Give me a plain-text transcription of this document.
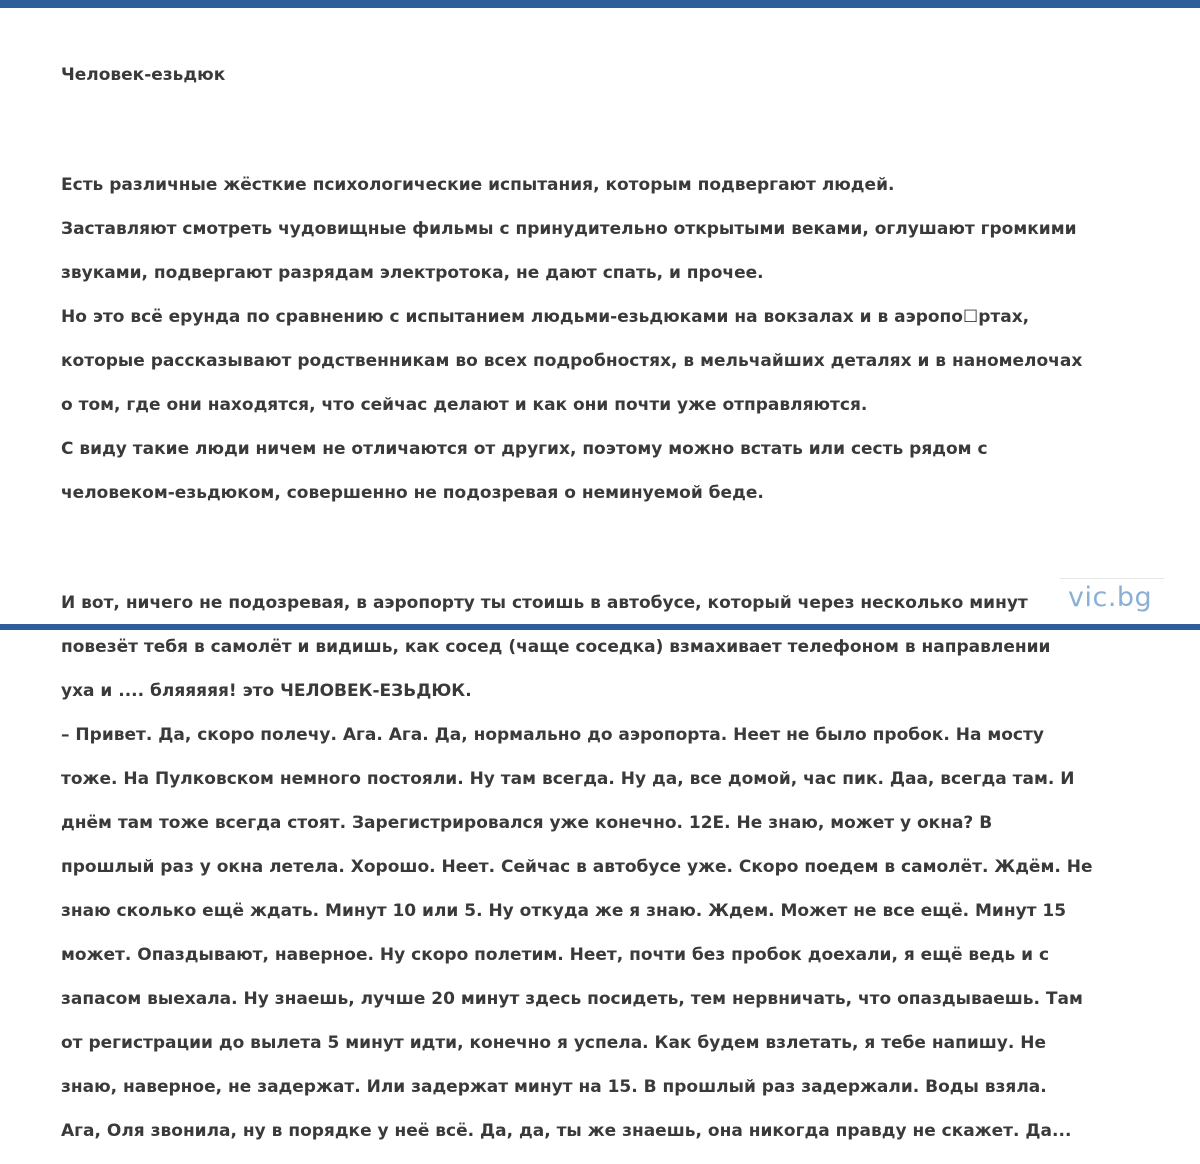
Человек-езьдюк

Есть различные жёсткие психологические испытания, которым подвергают людей.

Заставляют смотреть чудовищные фильмы с принудительно открытыми веками, оглушают громкими

звуками, подвергают разрядам электротока, не дают спать, и прочее.

Но это всё ерунда по сравнению с испытанием людьми-езьдюками на вокзалах и в аэропо☐ртах,

которые рассказывают родственникам во всех подробностях, в мельчайших деталях и в наномелочах

о том, где они находятся, что сейчас делают и как они почти уже отправляются.

С виду такие люди ничем не отличаются от других, поэтому можно встать или сесть рядом с

человеком-езьдюком, совершенно не подозревая о неминуемой беде.

И вот, ничего не подозревая, в аэропорту ты стоишь в автобусе, который через несколько минут

повезёт тебя в самолёт и видишь, как сосед (чаще соседка) взмахивает телефоном в направлении

уха и .... бляяяяя! это ЧЕЛОВЕК-ЕЗЬДЮК.

– Привет. Да, скоро полечу. Ага. Ага. Да, нормально до аэропорта. Неет не было пробок. На мосту

тоже. На Пулковском немного постояли. Ну там всегда. Ну да, все домой, час пик. Даа, всегда там. И

днём там тоже всегда стоят. Зарегистрировался уже конечно. 12Е. Не знаю, может у окна? В

прошлый раз у окна летела. Хорошо. Неет. Сейчас в автобусе уже. Скоро поедем в самолёт. Ждём. Не

знаю сколько ещё ждать. Минут 10 или 5. Ну откуда же я знаю. Ждем. Может не все ещё. Минут 15

может. Опаздывают, наверное. Ну скоро полетим. Неет, почти без пробок доехали, я ещё ведь и с

запасом выехала. Ну знаешь, лучше 20 минут здесь посидеть, тем нервничать, что опаздываешь. Там

от регистрации до вылета 5 минут идти, конечно я успела. Как будем взлетать, я тебе напишу. Не

знаю, наверное, не задержат. Или задержат минут на 15. В прошлый раз задержали. Воды взяла.

Ага, Оля звонила, ну в порядке у неё всё. Да, да, ты же знаешь, она никогда правду не скажет. Да...

vic.bg
